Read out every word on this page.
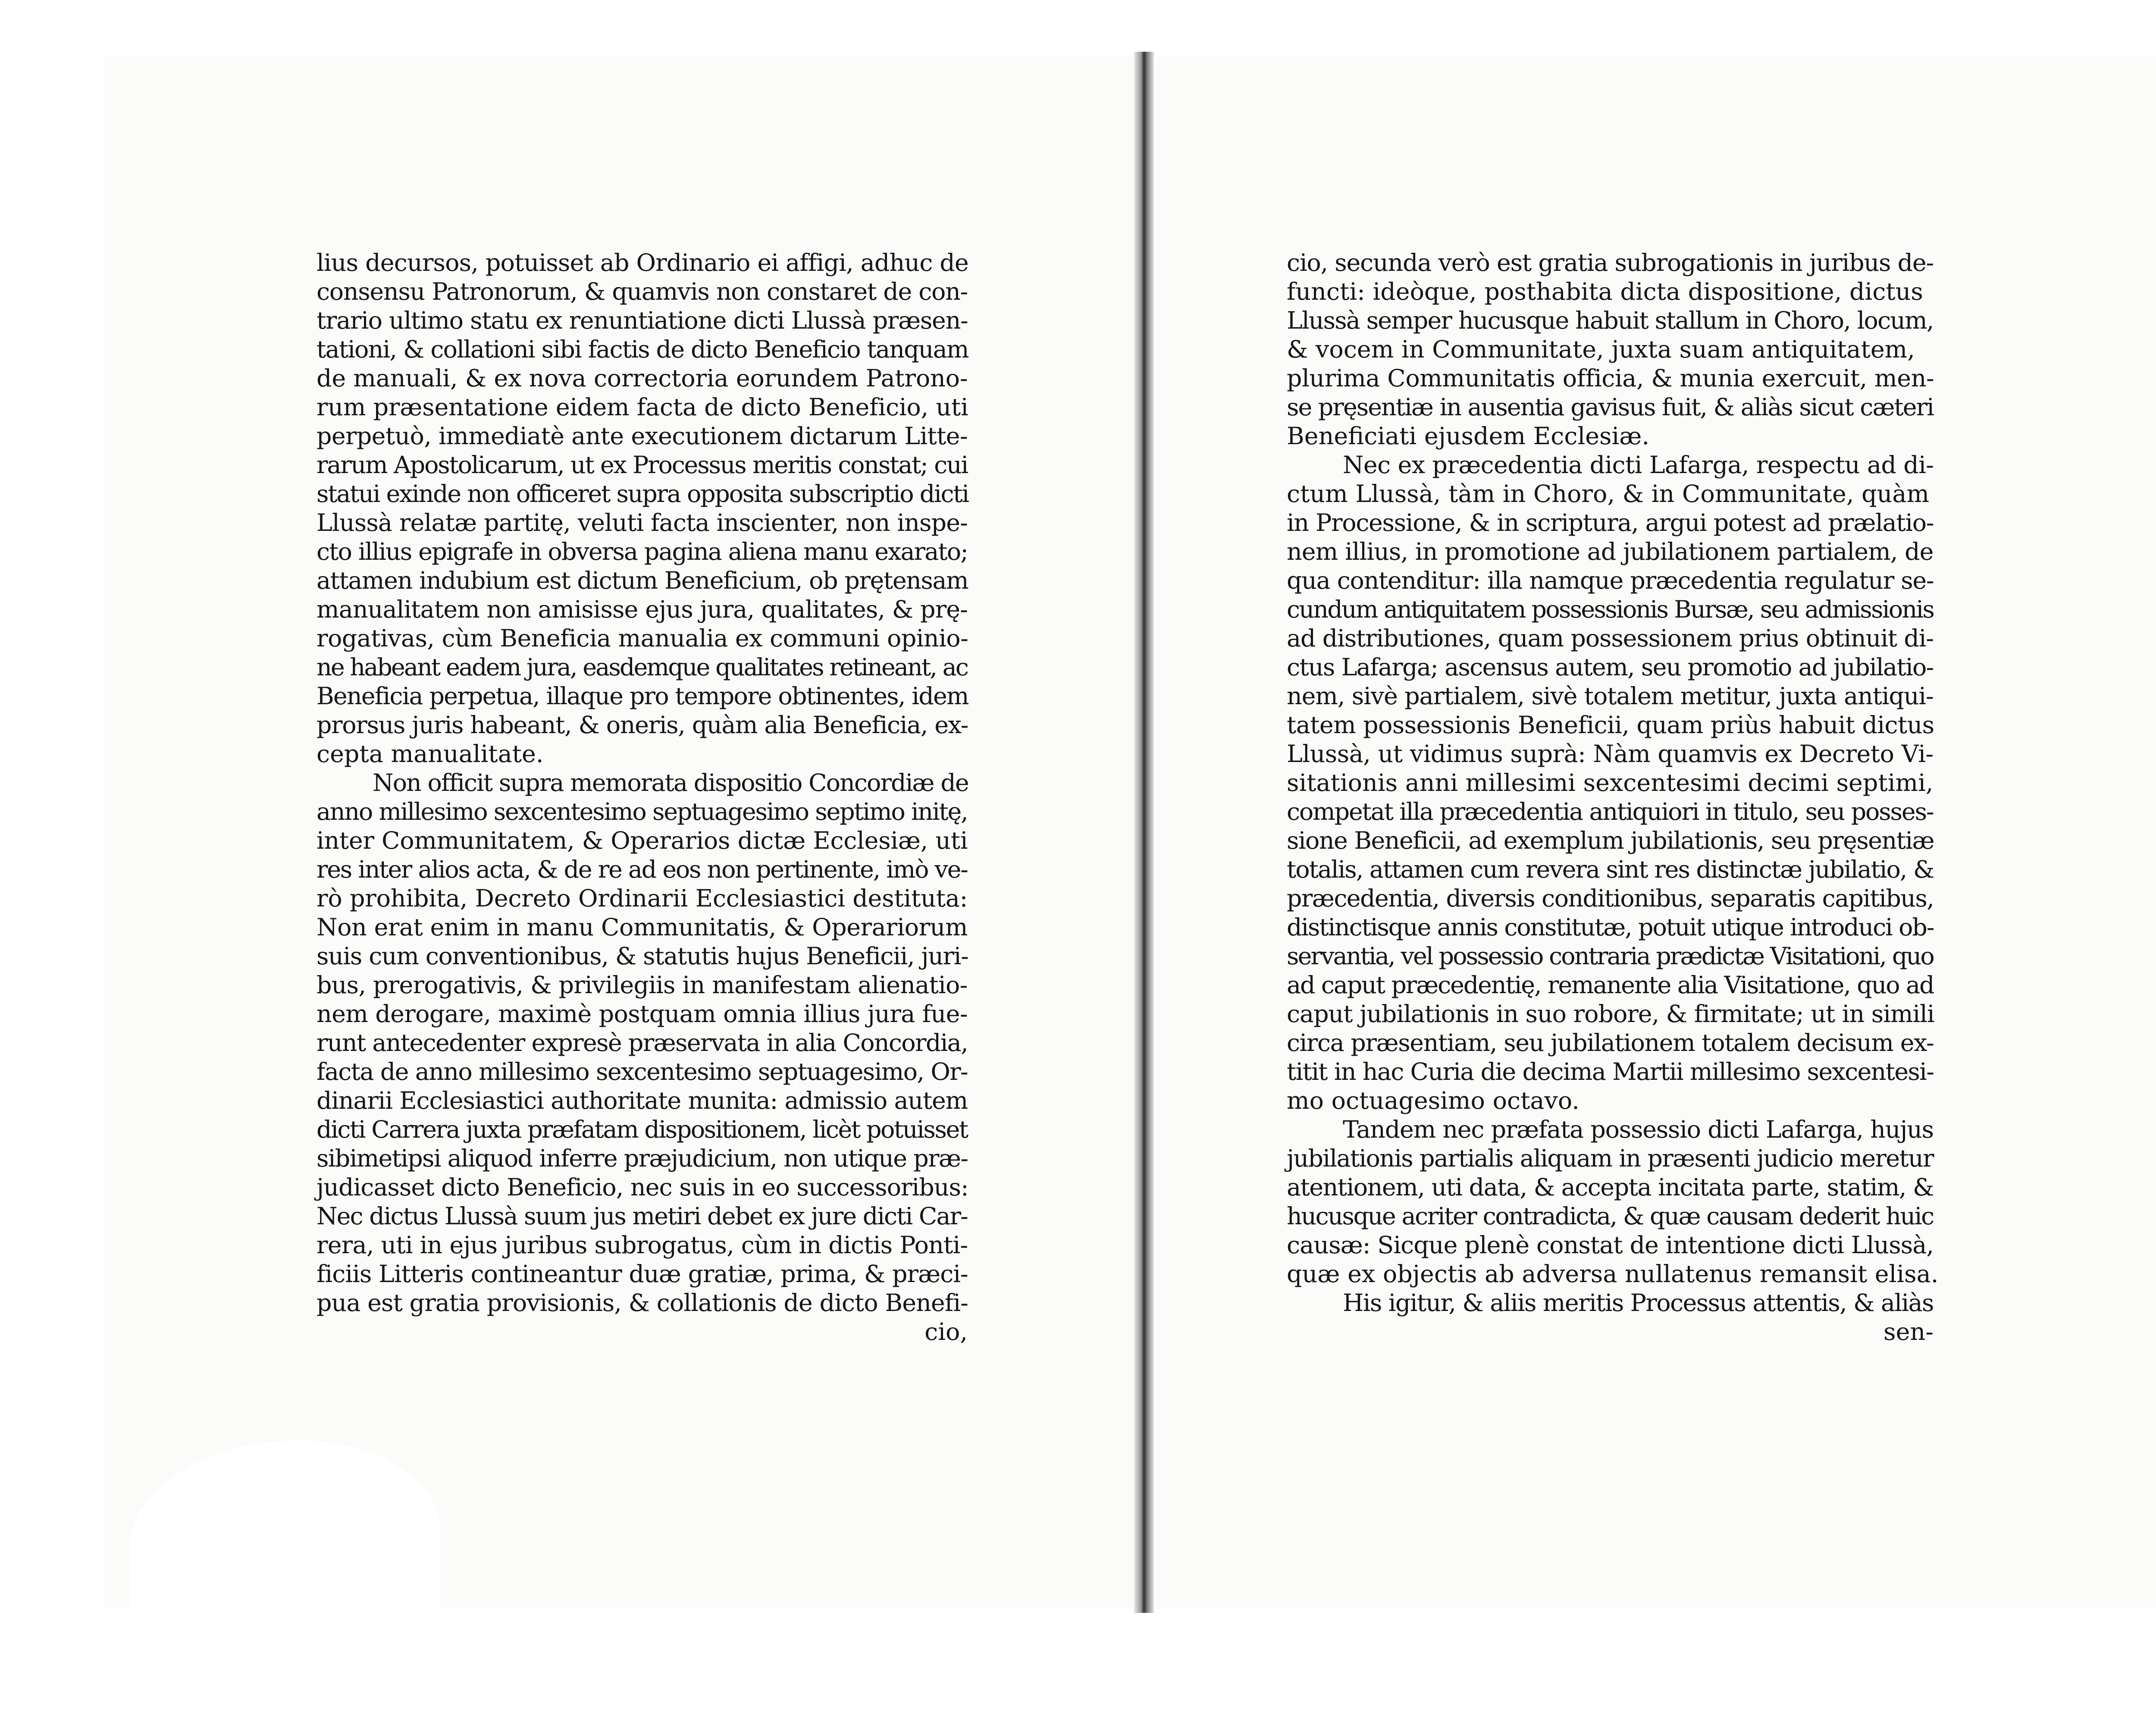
lius decursos, potuisset ab Ordinario ei affigi, adhuc de
consensu Patronorum, & quamvis non constaret de con-
trario ultimo statu ex renuntiatione dicti Llussà præsen-
tationi, & collationi sibi factis de dicto Beneficio tanquam
de manuali, & ex nova correctoria eorundem Patrono-
rum præsentatione eidem facta de dicto Beneficio, uti
perpetuò, immediatè ante executionem dictarum Litte-
rarum Apostolicarum, ut ex Processus meritis constat; cui
statui exinde non officeret supra opposita subscriptio dicti
Llussà relatæ partitę, veluti facta inscienter, non inspe-
cto illius epigrafe in obversa pagina aliena manu exarato;
attamen indubium est dictum Beneficium, ob prętensam
manualitatem non amisisse ejus jura, qualitates, & prę-
rogativas, cùm Beneficia manualia ex communi opinio-
ne habeant eadem jura, easdemque qualitates retineant, ac
Beneficia perpetua, illaque pro tempore obtinentes, idem
prorsus juris habeant, & oneris, quàm alia Beneficia, ex-
cepta manualitate.
Non officit supra memorata dispositio Concordiæ de
anno millesimo sexcentesimo septuagesimo septimo initę,
inter Communitatem, & Operarios dictæ Ecclesiæ, uti
res inter alios acta, & de re ad eos non pertinente, imò ve-
rò prohibita, Decreto Ordinarii Ecclesiastici destituta:
Non erat enim in manu Communitatis, & Operariorum
suis cum conventionibus, & statutis hujus Beneficii, juri-
bus, prerogativis, & privilegiis in manifestam alienatio-
nem derogare, maximè postquam omnia illius jura fue-
runt antecedenter expresè præservata in alia Concordia,
facta de anno millesimo sexcentesimo septuagesimo, Or-
dinarii Ecclesiastici authoritate munita: admissio autem
dicti Carrera juxta præfatam dispositionem, licèt potuisset
sibimetipsi aliquod inferre præjudicium, non utique præ-
judicasset dicto Beneficio, nec suis in eo successoribus:
Nec dictus Llussà suum jus metiri debet ex jure dicti Car-
rera, uti in ejus juribus subrogatus, cùm in dictis Ponti-
ficiis Litteris contineantur duæ gratiæ, prima, & præci-
pua est gratia provisionis, & collationis de dicto Benefi-
cio,
cio, secunda verò est gratia subrogationis in juribus de-
functi: ideòque, posthabita dicta dispositione, dictus
Llussà semper hucusque habuit stallum in Choro, locum,
& vocem in Communitate, juxta suam antiquitatem,
plurima Communitatis officia, & munia exercuit, men-
se pręsentiæ in ausentia gavisus fuit, & aliàs sicut cæteri
Beneficiati ejusdem Ecclesiæ.
Nec ex præcedentia dicti Lafarga, respectu ad di-
ctum Llussà, tàm in Choro, & in Communitate, quàm
in Processione, & in scriptura, argui potest ad prælatio-
nem illius, in promotione ad jubilationem partialem, de
qua contenditur: illa namque præcedentia regulatur se-
cundum antiquitatem possessionis Bursæ, seu admissionis
ad distributiones, quam possessionem prius obtinuit di-
ctus Lafarga; ascensus autem, seu promotio ad jubilatio-
nem, sivè partialem, sivè totalem metitur, juxta antiqui-
tatem possessionis Beneficii, quam priùs habuit dictus
Llussà, ut vidimus suprà: Nàm quamvis ex Decreto Vi-
sitationis anni millesimi sexcentesimi decimi septimi,
competat illa præcedentia antiquiori in titulo, seu posses-
sione Beneficii, ad exemplum jubilationis, seu pręsentiæ
totalis, attamen cum revera sint res distinctæ jubilatio, &
præcedentia, diversis conditionibus, separatis capitibus,
distinctisque annis constitutæ, potuit utique introduci ob-
servantia, vel possessio contraria prædictæ Visitationi, quo
ad caput præcedentię, remanente alia Visitatione, quo ad
caput jubilationis in suo robore, & firmitate; ut in simili
circa præsentiam, seu jubilationem totalem decisum ex-
titit in hac Curia die decima Martii millesimo sexcentesi-
mo octuagesimo octavo.
Tandem nec præfata possessio dicti Lafarga, hujus
jubilationis partialis aliquam in præsenti judicio meretur
atentionem, uti data, & accepta incitata parte, statim, &
hucusque acriter contradicta, & quæ causam dederit huic
causæ: Sicque plenè constat de intentione dicti Llussà,
quæ ex objectis ab adversa nullatenus remansit elisa.
His igitur, & aliis meritis Processus attentis, & aliàs
sen-
